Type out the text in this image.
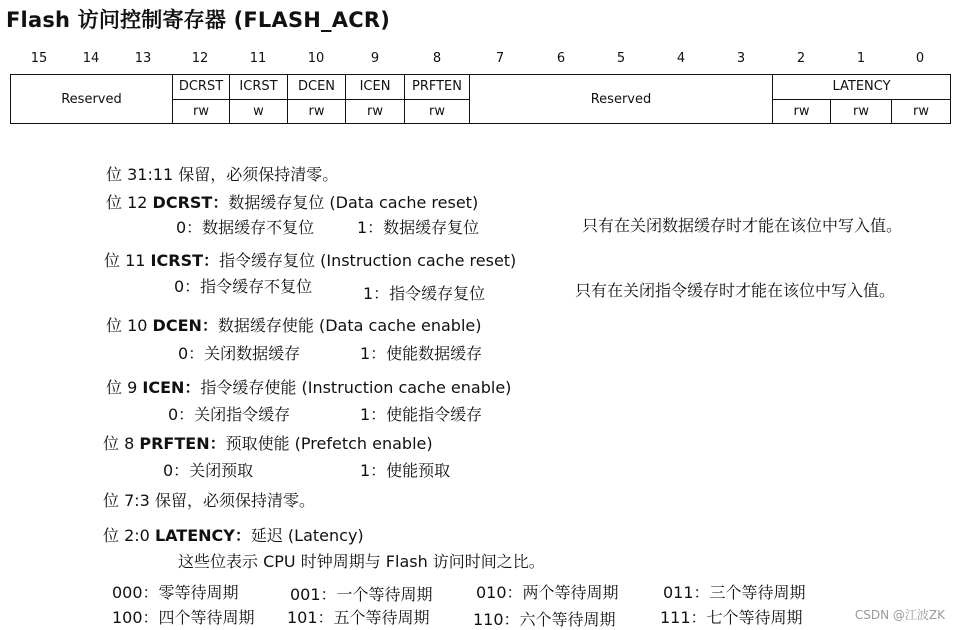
Flash 访问控制寄存器 (FLASH_ACR)
15	14	13	12	11	10	9	8	7	6	5	4	3	2	1	0
Reserved	DCRST	ICRST	DCEN	ICEN	PRFTEN	Reserved	LATENCY		
	rw	w	rw	rw	rw		rw	rw	rw
位 31:11 保留，必须保持清零。
位 12 DCRST：数据缓存复位 (Data cache reset)
0：数据缓存不复位	1：数据缓存复位	只有在关闭数据缓存时才能在该位中写入值。
位 11 ICRST：指令缓存复位 (Instruction cache reset)
0：指令缓存不复位	1：指令缓存复位	只有在关闭指令缓存时才能在该位中写入值。
位 10 DCEN：数据缓存使能 (Data cache enable)
0：关闭数据缓存	1：使能数据缓存
位 9 ICEN：指令缓存使能 (Instruction cache enable)
0：关闭指令缓存	1：使能指令缓存
位 8 PRFTEN：预取使能 (Prefetch enable)
0：关闭预取	1：使能预取
位 7:3 保留，必须保持清零。
位 2:0 LATENCY：延迟 (Latency)
这些位表示 CPU 时钟周期与 Flash 访问时间之比。
000：零等待周期	001：一个等待周期	010：两个等待周期	011：三个等待周期
100：四个等待周期 101：五个等待周期	110：六个等待周期	111：七个等待周期	CSDN @江波ZK
